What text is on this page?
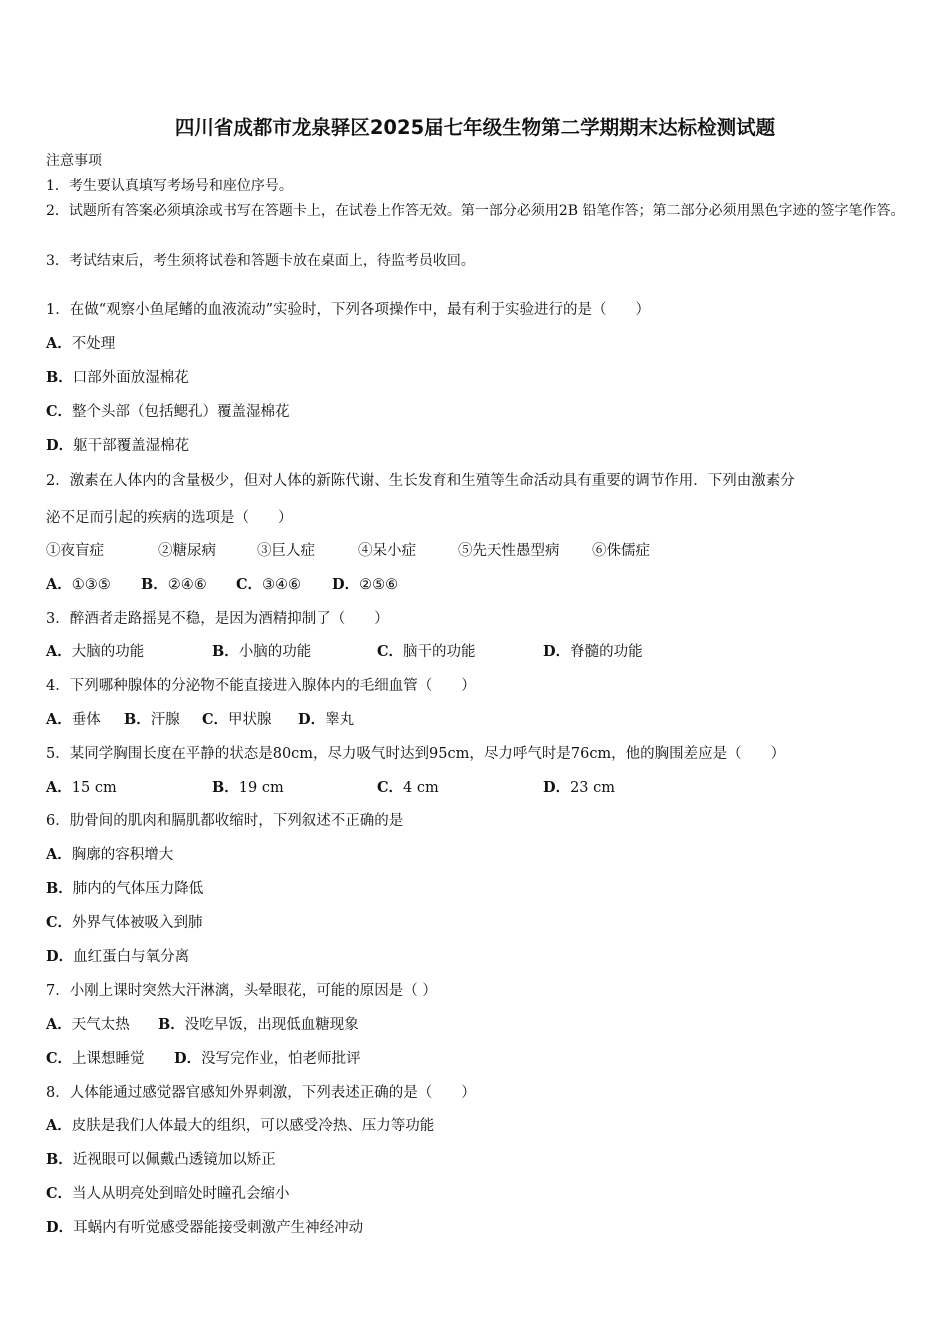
四川省成都市龙泉驿区2025届七年级生物第二学期期末达标检测试题
注意事项
1．考生要认真填写考场号和座位序号。
2．试题所有答案必须填涂或书写在答题卡上，在试卷上作答无效。第一部分必须用2B 铅笔作答；第二部分必须用黑色字迹的签字笔作答。
3．考试结束后，考生须将试卷和答题卡放在桌面上，待监考员收回。
1．在做“观察小鱼尾鳍的血液流动”实验时，下列各项操作中，最有利于实验进行的是（　　）
A．不处理
B．口部外面放湿棉花
C．整个头部（包括鳃孔）覆盖湿棉花
D．躯干部覆盖湿棉花
2．激素在人体内的含量极少，但对人体的新陈代谢、生长发育和生殖等生命活动具有重要的调节作用．下列由激素分
泌不足而引起的疾病的选项是（　　）
①夜盲症	②糖尿病	③巨人症	④呆小症	⑤先天性愚型病 ⑥侏儒症
A．①③⑤ B．②④⑥ C．③④⑥ D．②⑤⑥
3．醉酒者走路摇晃不稳，是因为酒精抑制了（　　）
A．大脑的功能	B．小脑的功能	C．脑干的功能	D．脊髓的功能
4．下列哪种腺体的分泌物不能直接进入腺体内的毛细血管（　　）
A．垂体 B．汗腺 C．甲状腺 D．睾丸
5．某同学胸围长度在平静的状态是80cm，尽力吸气时达到95cm，尽力呼气时是76cm，他的胸围差应是（　　）
A．15 cm	B．19 cm	C．4 cm	D．23 cm
6．肋骨间的肌肉和膈肌都收缩时，下列叙述不正确的是
A．胸廓的容积增大
B．肺内的气体压力降低
C．外界气体被吸入到肺
D．血红蛋白与氧分离
7．小刚上课时突然大汗淋漓，头晕眼花，可能的原因是（ ）
A．天气太热 B．没吃早饭，出现低血糖现象
C．上课想睡觉 D．没写完作业，怕老师批评
8．人体能通过感觉器官感知外界刺激，下列表述正确的是（　　）
A．皮肤是我们人体最大的组织，可以感受冷热、压力等功能
B．近视眼可以佩戴凸透镜加以矫正
C．当人从明亮处到暗处时瞳孔会缩小
D．耳蜗内有听觉感受器能接受刺激产生神经冲动
